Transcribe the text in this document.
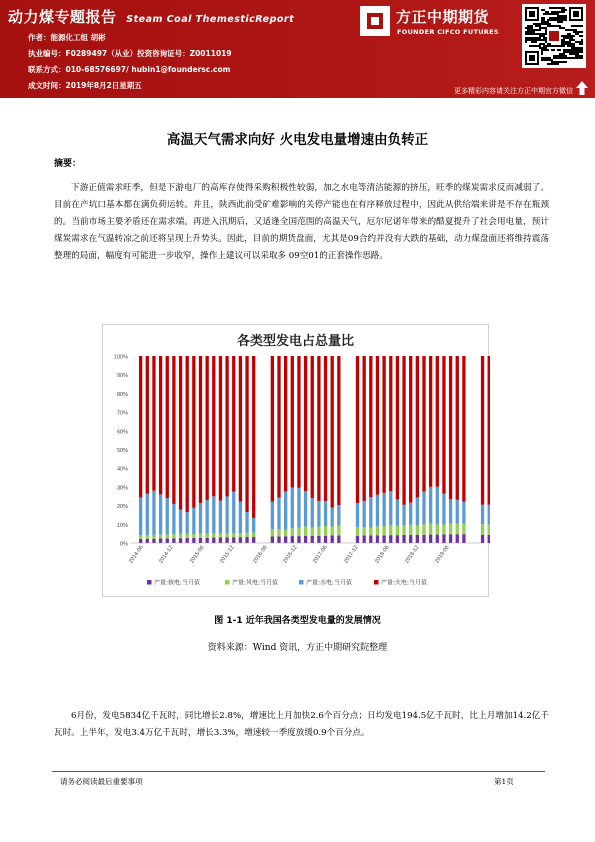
动力煤专题报告 Steam Coal ThemesticReport
作者：能源化工组 胡彬
执业编号：F0289497（从业）投资咨询证号：Z0011019
联系方式：010-68576697/ hubin1@foundersc.com
成文时间：2019年8月2日星期五
方正中期期货
FOUNDER CIFCO FUTURES
更多精彩内容请关注方正中期官方微信
高温天气需求向好 火电发电量增速由负转正
摘要：
下游正值需求旺季，但是下游电厂的高库存使得采购积极性较弱，加之水电等清洁能源的挤压，旺季的煤炭需求反而减弱了。目前在产坑口基本都在满负荷运转。并且，陕西此前受矿难影响的关停产能也在有序释放过程中，因此从供给端来讲是不存在瓶颈的。当前市场主要矛盾还在需求端。再进入汛期后，又适逢全国范围的高温天气，厄尔尼诺年带来的酷夏提升了社会用电量，预计煤炭需求在气温转凉之前还将呈现上升势头。因此，目前的期货盘面，尤其是09合约并没有大跌的基础，动力煤盘面还将维持震荡整理的局面，幅度有可能进一步收窄，操作上建议可以采取多 09空01的正套操作思路。
0%
10%
20%
30%
40%
50%
60%
70%
80%
90%
100%
2014-06 2014-12	2015-06 2015-12	2016-06 2016-12 2017-06	2017-12	2018-06 2018-12 2019-06
产量:核电:当月值	产量:风电:当月值	产量:水电:当月值	产量:火电:当月值
各类型发电占总量比
图 1-1 近年我国各类型发电量的发展情况
资料来源：Wind 资讯，方正中期研究院整理
6月份，发电5834亿千瓦时，同比增长2.8%，增速比上月加快2.6个百分点；日均发电194.5亿千瓦时，比上月增加14.2亿千瓦时。上半年，发电3.4万亿千瓦时，增长3.3%，增速较一季度放缓0.9个百分点。
请务必阅读最后重要事项	第1页
